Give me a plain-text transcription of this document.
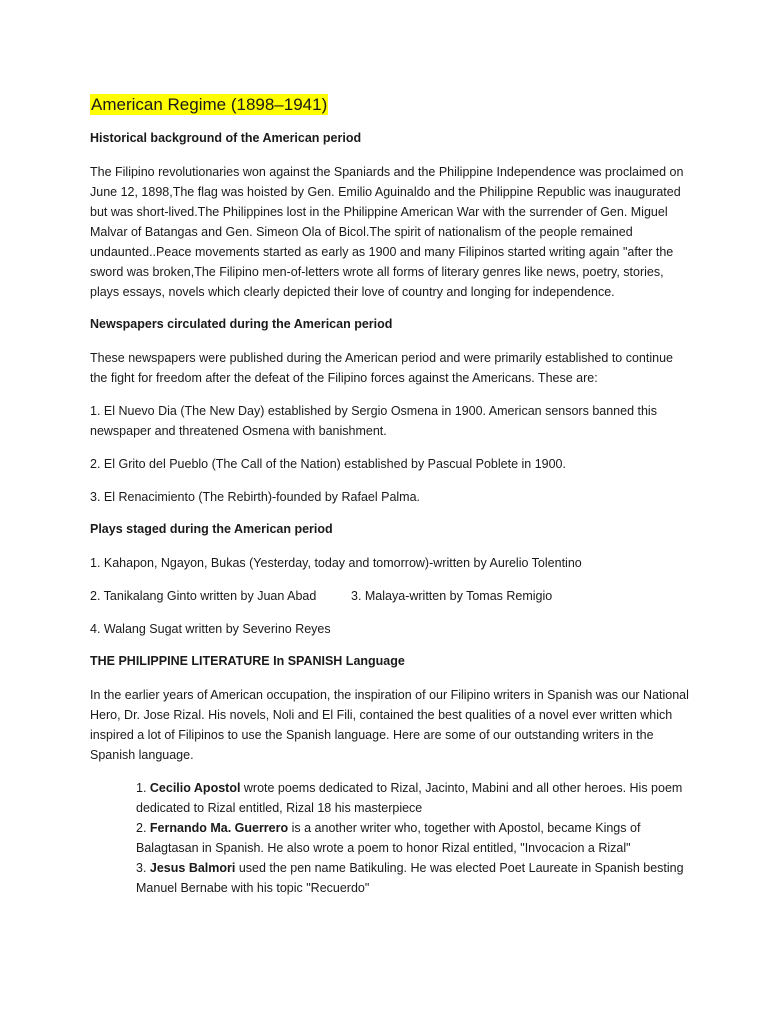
American Regime (1898–1941)
Historical background of the American period

The Filipino revolutionaries won against the Spaniards and the Philippine Independence was proclaimed on June 12, 1898,The flag was hoisted by Gen. Emilio Aguinaldo and the Philippine Republic was inaugurated but was short-lived.The Philippines lost in the Philippine American War with the surrender of Gen. Miguel Malvar of Batangas and Gen. Simeon Ola of Bicol.The spirit of nationalism of the people remained undaunted..Peace movements started as early as 1900 and many Filipinos started writing again "after the sword was broken,The Filipino men-of-letters wrote all forms of literary genres like news, poetry, stories, plays essays, novels which clearly depicted their love of country and longing for independence.

Newspapers circulated during the American period

These newspapers were published during the American period and were primarily established to continue the fight for freedom after the defeat of the Filipino forces against the Americans. These are:

1. El Nuevo Dia (The New Day) established by Sergio Osmena in 1900. American sensors banned this newspaper and threatened Osmena with banishment.

2. El Grito del Pueblo (The Call of the Nation) established by Pascual Poblete in 1900.

3. El Renacimiento (The Rebirth)-founded by Rafael Palma.

Plays staged during the American period

1. Kahapon, Ngayon, Bukas (Yesterday, today and tomorrow)-written by Aurelio Tolentino

2. Tanikalang Ginto written by Juan Abad	3. Malaya-written by Tomas Remigio

4. Walang Sugat written by Severino Reyes

THE PHILIPPINE LITERATURE In SPANISH Language

In the earlier years of American occupation, the inspiration of our Filipino writers in Spanish was our National Hero, Dr. Jose Rizal. His novels, Noli and El Fili, contained the best qualities of a novel ever written which inspired a lot of Filipinos to use the Spanish language. Here are some of our outstanding writers in the Spanish language.

1. Cecilio Apostol wrote poems dedicated to Rizal, Jacinto, Mabini and all other heroes. His poem dedicated to Rizal entitled, Rizal 18 his masterpiece
2. Fernando Ma. Guerrero is a another writer who, together with Apostol, became Kings of Balagtasan in Spanish. He also wrote a poem to honor Rizal entitled, "Invocacion a Rizal"
3. Jesus Balmori used the pen name Batikuling. He was elected Poet Laureate in Spanish besting Manuel Bernabe with his topic "Recuerdo"
